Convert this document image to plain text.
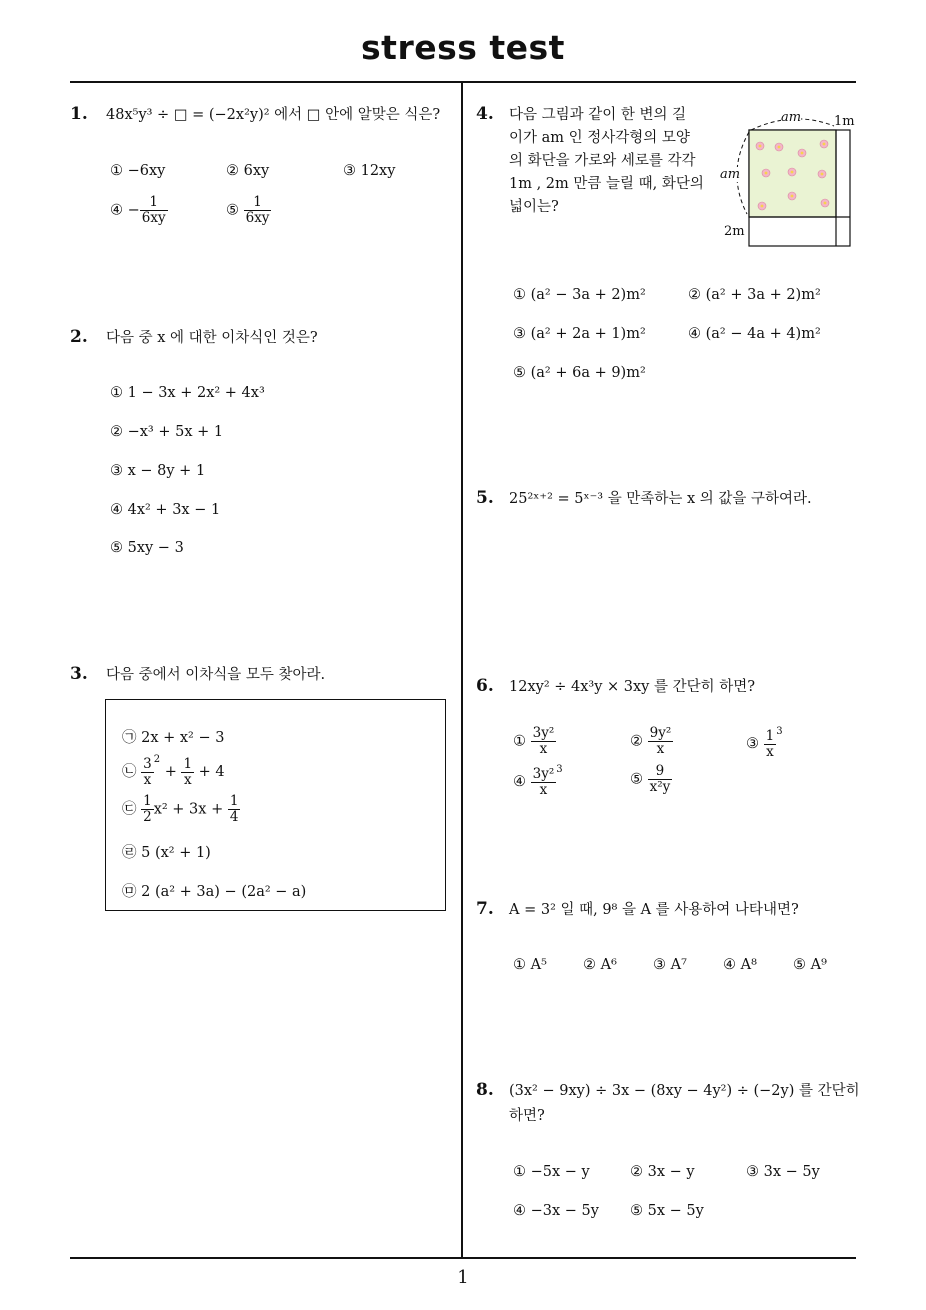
stress test
1
1. 48x⁵y³ ÷ □ = (−2x²y)² 에서 □ 안에 알맞은 식은?
① −6xy	② 6xy	③ 12xy
④ − $\frac{1}{6xy}$	⑤ $\frac{1}{6xy}$
2. 다음 중 x 에 대한 이차식인 것은?
① 1 − 3x + 2x² + 4x³
② −x³ + 5x + 1
③ x − 8y + 1
④ 4x² + 3x − 1
⑤ 5xy − 3
3. 다음 중에서 이차식을 모두 찾아라.
㉠ 2x + x² − 3
㉡ $\frac{3}{x} ^2 + \frac{1}{x} + 4$
㉢ $\frac{1}{2} x^2 + 3x + \frac{1}{4}$
㉣ 5 (x² + 1)
㉤ 2 (a² + 3a) − (2a² − a)
4. 다음 그림과 같이 한 변의 길
이가 am 인 정사각형의 모양
의 화단을 가로와 세로를 각각
1m , 2m 만큼 늘릴 때, 화단의
넓이는?
am	1m
am
2m
① (a² − 3a + 2)m²	② (a² + 3a + 2)m²
③ (a² + 2a + 1)m²	④ (a² − 4a + 4)m²
⑤ (a² + 6a + 9)m²
5. 25²ˣ⁺² = 5ˣ⁻³ 을 만족하는 x 의 값을 구하여라.
6. 12xy² ÷ 4x³y × 3xy 를 간단히 하면?
① $\frac{\text{3y²}}{x}$	② $\frac{\text{9y²}}{x}$	③ $\frac{1}{x} ^3$
④ $\frac{\text{3y²}}{x} ^3$
⑤ $\frac{9}{\text{x²y}}$
7. A = 3² 일 때, 9⁸ 을 A 를 사용하여 나타내면?
① A⁵ ② A⁶ ③ A⁷ ④ A⁸ ⑤ A⁹
8. (3x² − 9xy) ÷ 3x − (8xy − 4y²) ÷ (−2y) 를 간단히
하면?
① −5x − y	② 3x − y	③ 3x − 5y
④ −3x − 5y ⑤ 5x − 5y
